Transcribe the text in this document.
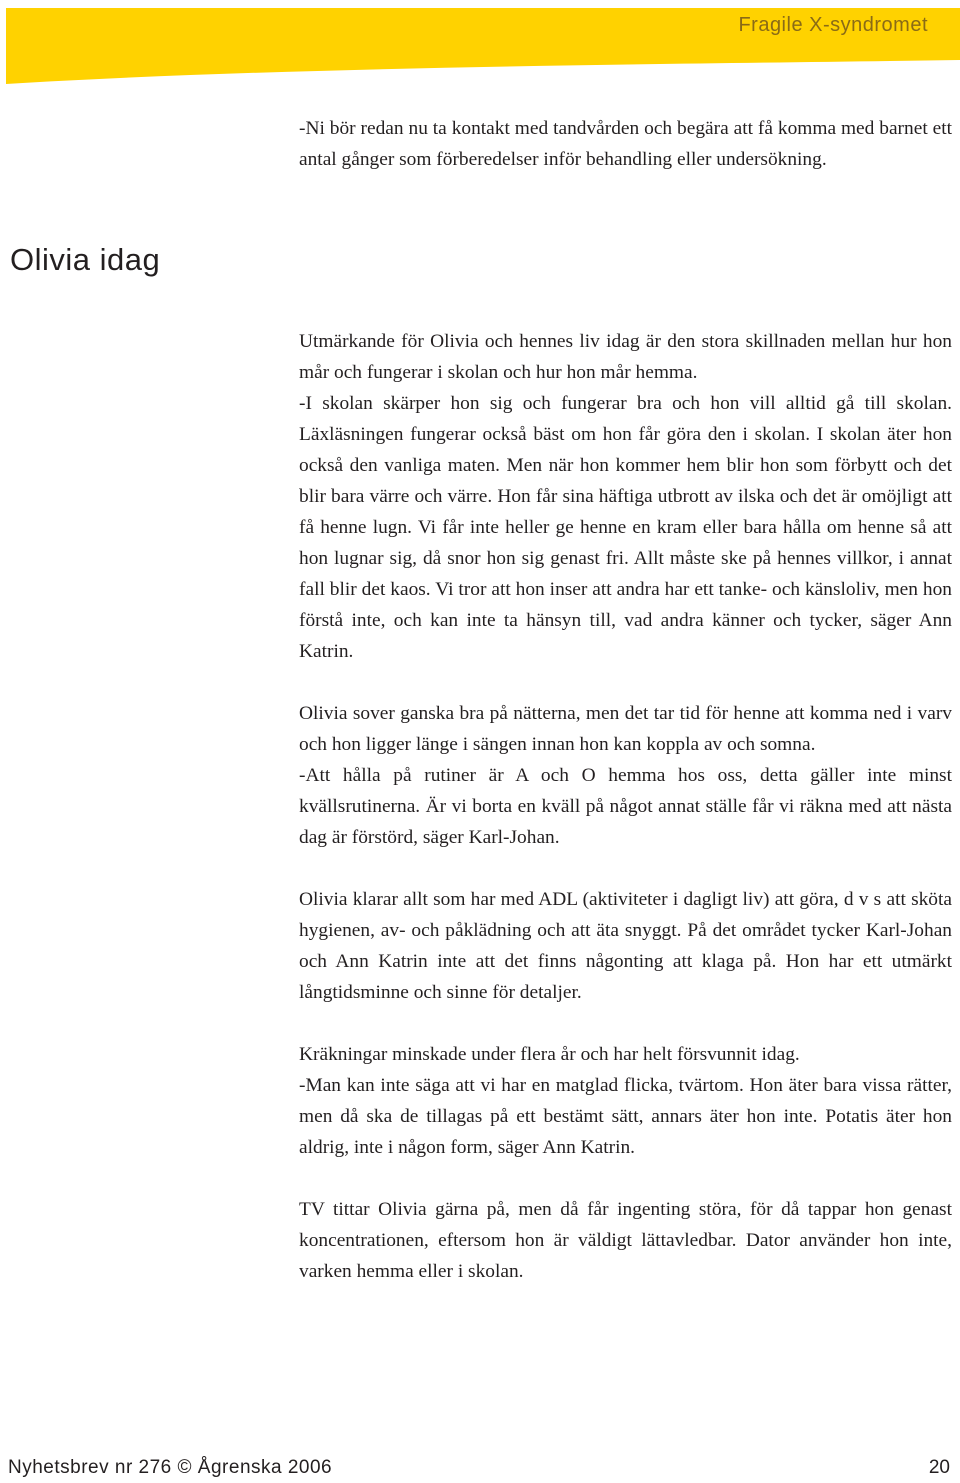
Fragile X-syndromet

-Ni bör redan nu ta kontakt med tandvården och begära att få komma med barnet ett antal gånger som förberedelser inför behandling eller undersökning.

Olivia idag

Utmärkande för Olivia och hennes liv idag är den stora skillnaden mellan hur hon mår och fungerar i skolan och hur hon mår hemma.

-I skolan skärper hon sig och fungerar bra och hon vill alltid gå till skolan. Läxläsningen fungerar också bäst om hon får göra den i skolan. I skolan äter hon också den vanliga maten. Men när hon kommer hem blir hon som förbytt och det blir bara värre och värre. Hon får sina häftiga utbrott av ilska och det är omöjligt att få henne lugn. Vi får inte heller ge henne en kram eller bara hålla om henne så att hon lugnar sig, då snor hon sig genast fri. Allt måste ske på hennes villkor, i annat fall blir det kaos. Vi tror att hon inser att andra har ett tanke- och känsloliv, men hon förstå inte, och kan inte ta hänsyn till, vad andra känner och tycker, säger Ann Katrin.

Olivia sover ganska bra på nätterna, men det tar tid för henne att komma ned i varv och hon ligger länge i sängen innan hon kan koppla av och somna.

-Att hålla på rutiner är A och O hemma hos oss, detta gäller inte minst kvällsrutinerna. Är vi borta en kväll på något annat ställe får vi räkna med att nästa dag är förstörd, säger Karl-Johan.

Olivia klarar allt som har med ADL (aktiviteter i dagligt liv) att göra, d v s att sköta hygienen, av- och påklädning och att äta snyggt. På det området tycker Karl-Johan och Ann Katrin inte att det finns någonting att klaga på. Hon har ett utmärkt långtidsminne och sinne för detaljer.

Kräkningar minskade under flera år och har helt försvunnit idag.

-Man kan inte säga att vi har en matglad flicka, tvärtom. Hon äter bara vissa rätter, men då ska de tillagas på ett bestämt sätt, annars äter hon inte. Potatis äter hon aldrig, inte i någon form, säger Ann Katrin.

TV tittar Olivia gärna på, men då får ingenting störa, för då tappar hon genast koncentrationen, eftersom hon är väldigt lättavledbar. Dator använder hon inte, varken hemma eller i skolan.

Nyhetsbrev nr 276 © Ågrenska 2006	20
